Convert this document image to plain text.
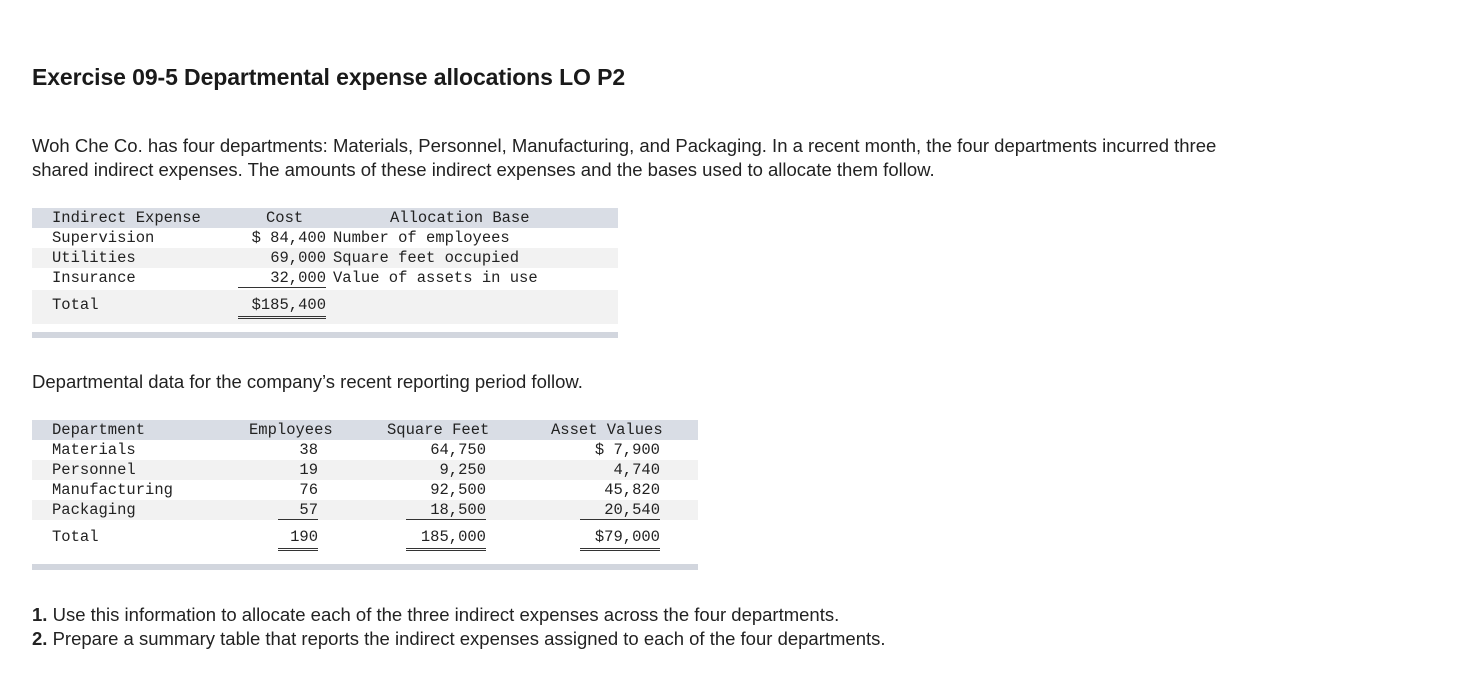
Exercise 09-5 Departmental expense allocations LO P2

Woh Che Co. has four departments: Materials, Personnel, Manufacturing, and Packaging. In a recent month, the four departments incurred three shared indirect expenses. The amounts of these indirect expenses and the bases used to allocate them follow.

Indirect Expense	Cost	Allocation Base
Supervision	$ 84,400 Number of employees
Utilities	69,000 Square feet occupied
Insurance	32,000 Value of assets in use
Total	$185,400

Departmental data for the company’s recent reporting period follow.

Department	Employees	Square Feet	Asset Values
Materials	38	64,750	$ 7,900
Personnel	19	9,250	4,740
Manufacturing	76	92,500	45,820
Packaging	57	18,500	20,540
Total	190	185,000	$79,000
1. Use this information to allocate each of the three indirect expenses across the four departments.
2. Prepare a summary table that reports the indirect expenses assigned to each of the four departments.
